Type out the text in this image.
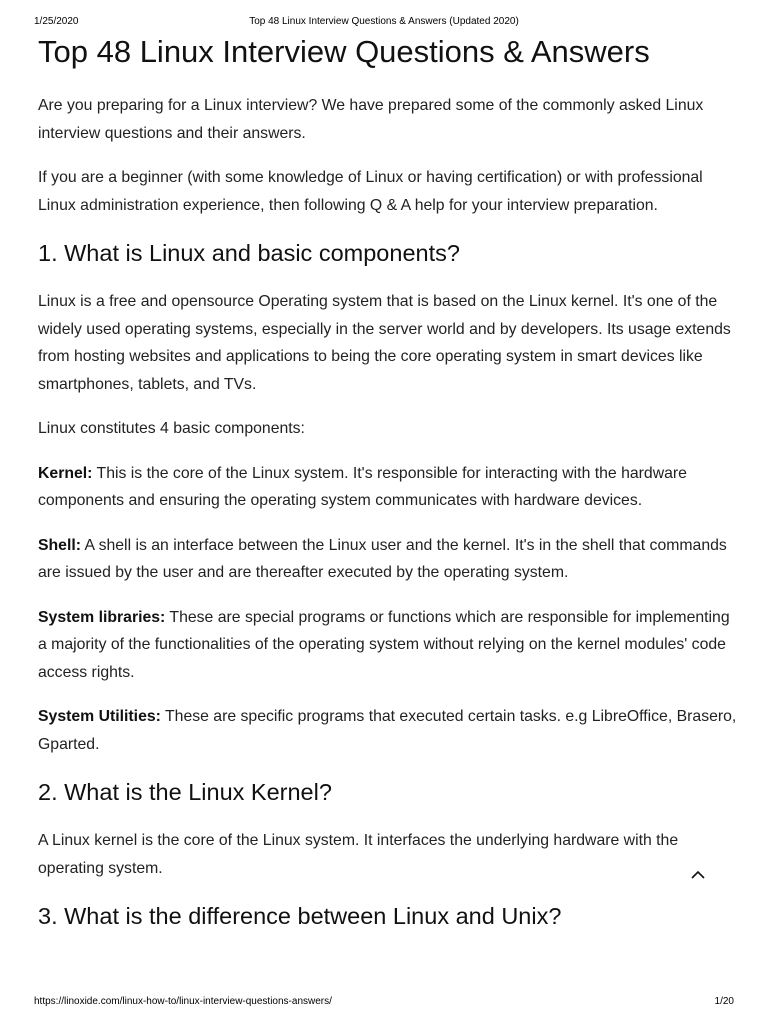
1/25/2020	Top 48 Linux Interview Questions & Answers (Updated 2020)
Top 48 Linux Interview Questions & Answers

Are you preparing for a Linux interview? We have prepared some of the commonly asked Linux interview questions and their answers.

If you are a beginner (with some knowledge of Linux or having certification) or with professional Linux administration experience, then following Q & A help for your interview preparation.

1. What is Linux and basic components?

Linux is a free and opensource Operating system that is based on the Linux kernel. It's one of the widely used operating systems, especially in the server world and by developers. Its usage extends from hosting websites and applications to being the core operating system in smart devices like smartphones, tablets, and TVs.

Linux constitutes 4 basic components:

Kernel: This is the core of the Linux system. It's responsible for interacting with the hardware components and ensuring the operating system communicates with hardware devices.

Shell: A shell is an interface between the Linux user and the kernel. It's in the shell that commands are issued by the user and are thereafter executed by the operating system.

System libraries: These are special programs or functions which are responsible for implementing a majority of the functionalities of the operating system without relying on the kernel modules' code access rights.

System Utilities: These are specific programs that executed certain tasks. e.g LibreOffice, Brasero, Gparted.

2. What is the Linux Kernel?

A Linux kernel is the core of the Linux system. It interfaces the underlying hardware with the operating system.

3. What is the difference between Linux and Unix?
https://linoxide.com/linux-how-to/linux-interview-questions-answers/	1/20
